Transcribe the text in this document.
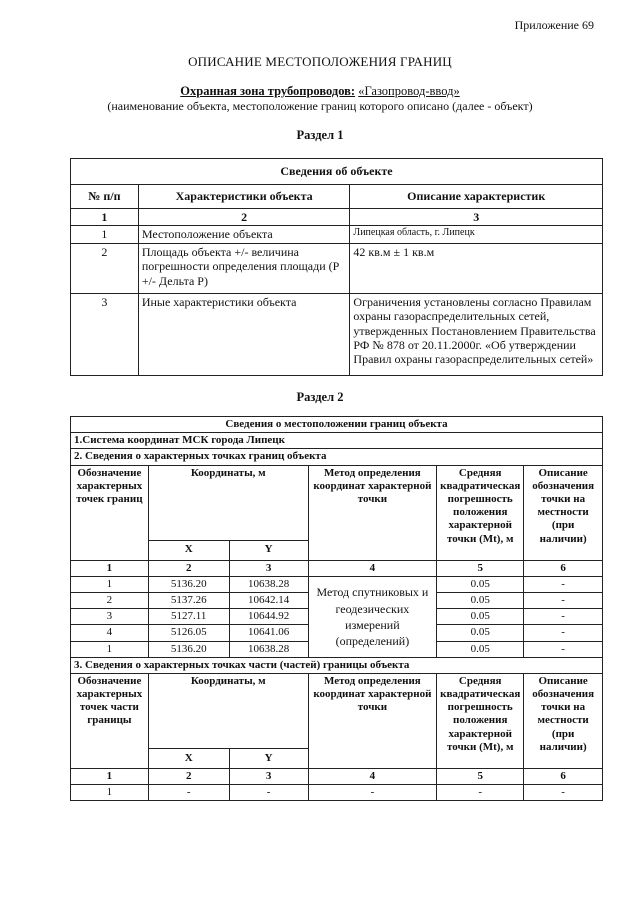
Приложение 69
ОПИСАНИЕ МЕСТОПОЛОЖЕНИЯ ГРАНИЦ
Охранная зона трубопроводов: «Газопровод-ввод»
(наименование объекта, местоположение границ которого описано (далее - объект)
Раздел 1
Сведения об объекте		
№ п/п	Характеристики объекта	Описание характеристик
1	2	3
1	Местоположение объекта	Липецкая область, г. Липецк
2	Площадь объекта +/- величина погрешности определения площади (Р +/- Дельта Р)	42 кв.м ± 1 кв.м
3	Иные характеристики объекта	Ограничения установлены согласно Правилам охраны газораспределительных сетей, утвержденных Постановлением Правительства РФ № 878 от 20.11.2000г. «Об утверждении Правил охраны газораспределительных сетей»
Раздел 2
Сведения о местоположении границ объекта					
1.Система координат МСК города Липецк					
2. Сведения о характерных точках границ объекта					
Обозначение характерных точек границ	Координаты, м		Метод определения координат характерной точки	Средняя квадратическая погрешность положения характерной точки (Mt), м	Описание обозначения точки на местности (при наличии)
	X	Y			
1	2	3	4	5	6
1	5136.20	10638.28	Метод спутниковых и геодезических измерений (определений)	0.05	-
2	5137.26	10642.14		0.05	-
3	5127.11	10644.92		0.05	-
4	5126.05	10641.06		0.05	-
1	5136.20	10638.28		0.05	-
3. Сведения о характерных точках части (частей) границы объекта					
Обозначение характерных точек части границы	Координаты, м		Метод определения координат характерной точки	Средняя квадратическая погрешность положения характерной точки (Mt), м	Описание обозначения точки на местности (при наличии)
	X	Y			
1	2	3	4	5	6
1	-	-	-	-	-
